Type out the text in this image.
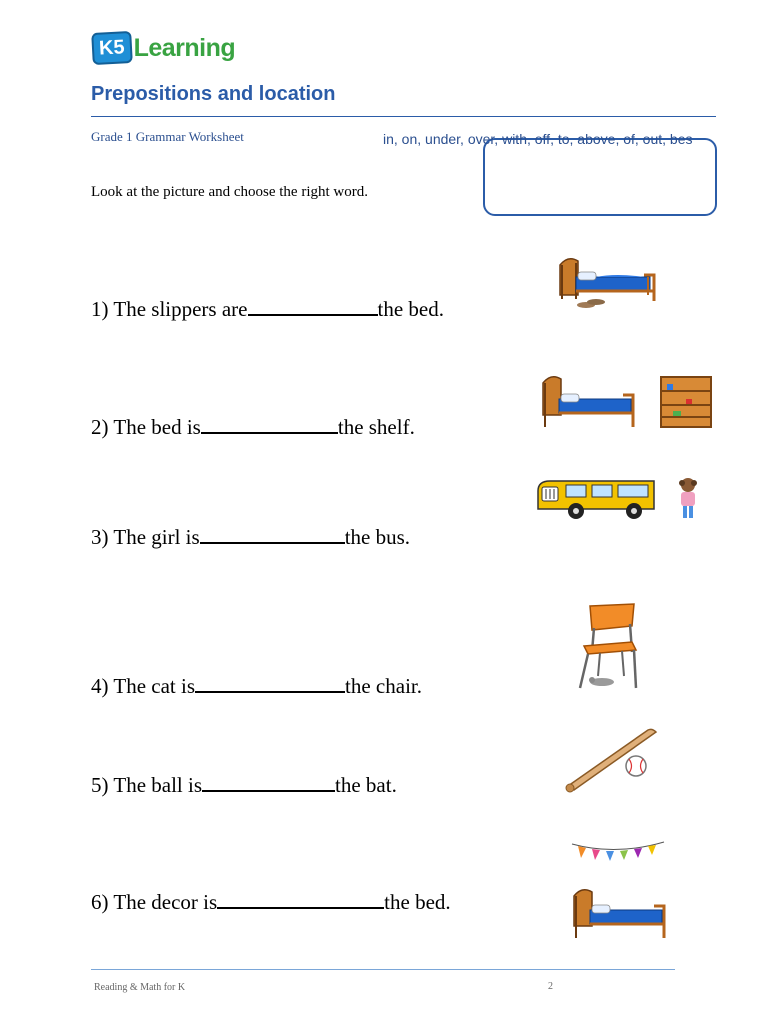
K5 Learning
Prepositions and location
Grade 1 Grammar Worksheet	in, on, under, over, with, off, to, above, of, out, bes
Look at the picture and choose the right word.
1) The slippers are	the bed.
2) The bed is	the shelf.
3) The girl is	the bus.
4) The cat is	the chair.
5) The ball is	the bat.
6) The decor is	the bed.
Reading & Math for K	2
